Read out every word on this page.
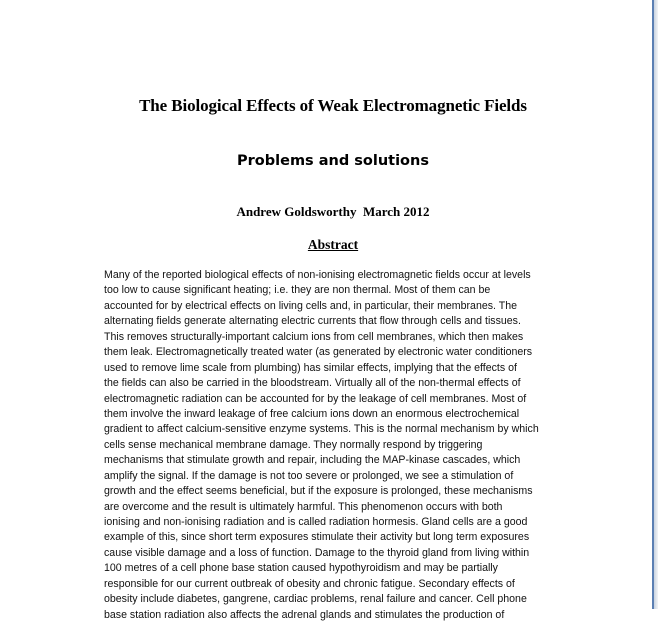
The Biological Effects of Weak Electromagnetic Fields
Problems and solutions
Andrew Goldsworthy  March 2012
Abstract
Many of the reported biological effects of non-ionising electromagnetic fields occur at levels
too low to cause significant heating; i.e. they are non thermal. Most of them can be
accounted for by electrical effects on living cells and, in particular, their membranes. The
alternating fields generate alternating electric currents that flow through cells and tissues.
This removes structurally-important calcium ions from cell membranes, which then makes
them leak. Electromagnetically treated water (as generated by electronic water conditioners
used to remove lime scale from plumbing) has similar effects, implying that the effects of
the fields can also be carried in the bloodstream. Virtually all of the non-thermal effects of
electromagnetic radiation can be accounted for by the leakage of cell membranes. Most of
them involve the inward leakage of free calcium ions down an enormous electrochemical
gradient to affect calcium-sensitive enzyme systems. This is the normal mechanism by which
cells sense mechanical membrane damage. They normally respond by triggering
mechanisms that stimulate growth and repair, including the MAP-kinase cascades, which
amplify the signal. If the damage is not too severe or prolonged, we see a stimulation of
growth and the effect seems beneficial, but if the exposure is prolonged, these mechanisms
are overcome and the result is ultimately harmful. This phenomenon occurs with both
ionising and non-ionising radiation and is called radiation hormesis. Gland cells are a good
example of this, since short term exposures stimulate their activity but long term exposures
cause visible damage and a loss of function. Damage to the thyroid gland from living within
100 metres of a cell phone base station caused hypothyroidism and may be partially
responsible for our current outbreak of obesity and chronic fatigue. Secondary effects of
obesity include diabetes, gangrene, cardiac problems, renal failure and cancer. Cell phone
base station radiation also affects the adrenal glands and stimulates the production of
